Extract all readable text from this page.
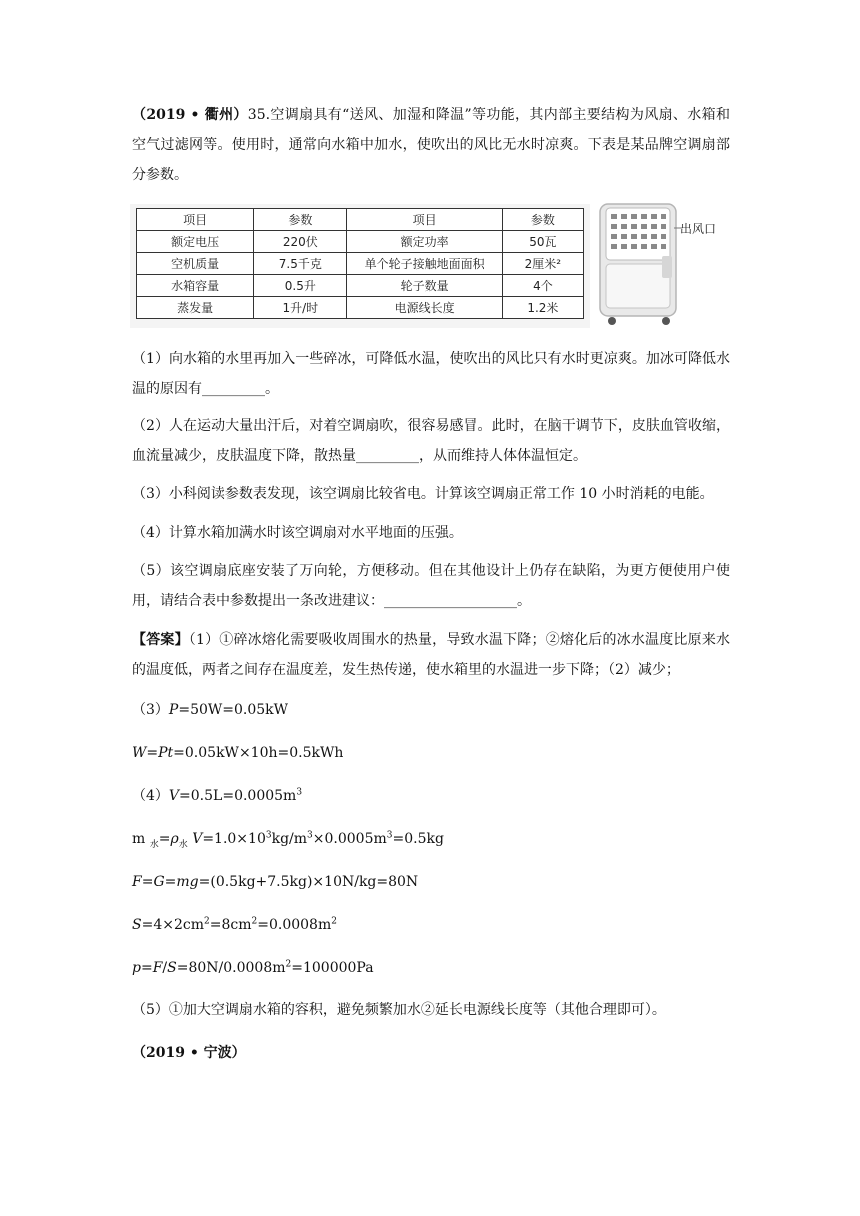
（2019 • 衢州）35.空调扇具有“送风、加湿和降温”等功能，其内部主要结构为风扇、水箱和空气过滤网等。使用时，通常向水箱中加水，使吹出的风比无水时凉爽。下表是某品牌空调扇部分参数。
项目	参数	项目	参数
额定电压	220伏	额定功率	50瓦
空机质量	7.5千克	单个轮子接触地面面积	2厘米²
水箱容量	0.5升	轮子数量	4个
蒸发量	1升/时	电源线长度	1.2米
出风口
（1）向水箱的水里再加入一些碎冰，可降低水温，使吹出的风比只有水时更凉爽。加冰可降低水温的原因有_________。
（2）人在运动大量出汗后，对着空调扇吹，很容易感冒。此时，在脑干调节下，皮肤血管收缩，血流量减少，皮肤温度下降，散热量_________，从而维持人体体温恒定。
（3）小科阅读参数表发现，该空调扇比较省电。计算该空调扇正常工作 10 小时消耗的电能。
（4）计算水箱加满水时该空调扇对水平地面的压强。
（5）该空调扇底座安装了万向轮，方便移动。但在其他设计上仍存在缺陷，为更方便使用户使用，请结合表中参数提出一条改进建议：___________________。
【答案】（1）①碎冰熔化需要吸收周围水的热量，导致水温下降；②熔化后的冰水温度比原来水的温度低，两者之间存在温度差，发生热传递，使水箱里的水温进一步下降；（2）减少；
（3）P=50W=0.05kW
W=Pt=0.05kW×10h=0.5kWh
$(4)V=0.5L=0.0005m^3$
m $_水=\rho_水$ $V=1.0\times 10^3kg/m^3\times 0.0005m^3=0.5kg$
F=G=mg=(0.5kg+7.5kg)×10N/kg=80N
$S=4\times 2cm^2=8cm^2=0.0008m^2$
$p=F/S=80N/0.0008m^2=100000Pa$
（5）①加大空调扇水箱的容积，避免频繁加水②延长电源线长度等（其他合理即可）。
（2019 • 宁波）
